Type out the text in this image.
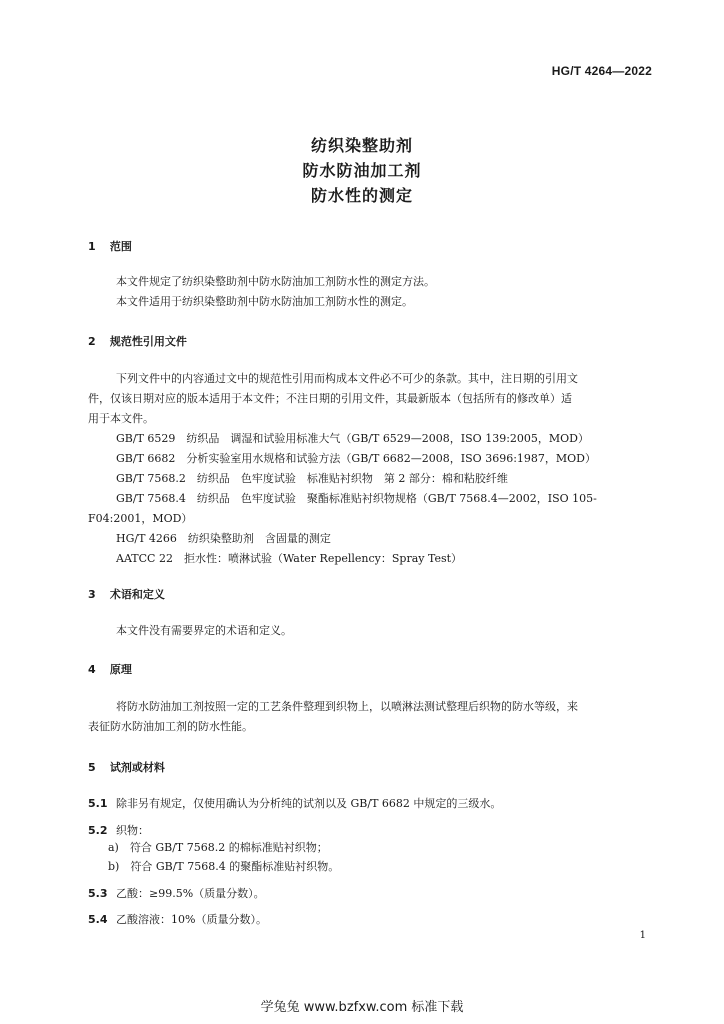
HG/T 4264—2022
纺织染整助剂
防水防油加工剂
防水性的测定
1 范围
本文件规定了纺织染整助剂中防水防油加工剂防水性的测定方法。
本文件适用于纺织染整助剂中防水防油加工剂防水性的测定。
2 规范性引用文件
下列文件中的内容通过文中的规范性引用而构成本文件必不可少的条款。其中，注日期的引用文
件，仅该日期对应的版本适用于本文件；不注日期的引用文件，其最新版本（包括所有的修改单）适
用于本文件。
GB/T 6529　纺织品　调湿和试验用标准大气（GB/T 6529—2008，ISO 139:2005，MOD）
GB/T 6682　分析实验室用水规格和试验方法（GB/T 6682—2008，ISO 3696:1987，MOD）
GB/T 7568.2　纺织品　色牢度试验　标准贴衬织物　第 2 部分：棉和粘胶纤维
GB/T 7568.4　纺织品　色牢度试验　聚酯标准贴衬织物规格（GB/T 7568.4—2002，ISO 105-
F04:2001，MOD）
HG/T 4266　纺织染整助剂　含固量的测定
AATCC 22　拒水性：喷淋试验（Water Repellency：Spray Test）
3 术语和定义
本文件没有需要界定的术语和定义。
4 原理
将防水防油加工剂按照一定的工艺条件整理到织物上，以喷淋法测试整理后织物的防水等级，来
表征防水防油加工剂的防水性能。
5 试剂或材料
5.1 除非另有规定，仅使用确认为分析纯的试剂以及 GB/T 6682 中规定的三级水。
5.2 织物：
a)　符合 GB/T 7568.2 的棉标准贴衬织物；
b)　符合 GB/T 7568.4 的聚酯标准贴衬织物。
5.3 乙酸：≥99.5%（质量分数）。
5.4 乙酸溶液：10%（质量分数）。
1
学兔兔 www.bzfxw.com 标准下载
